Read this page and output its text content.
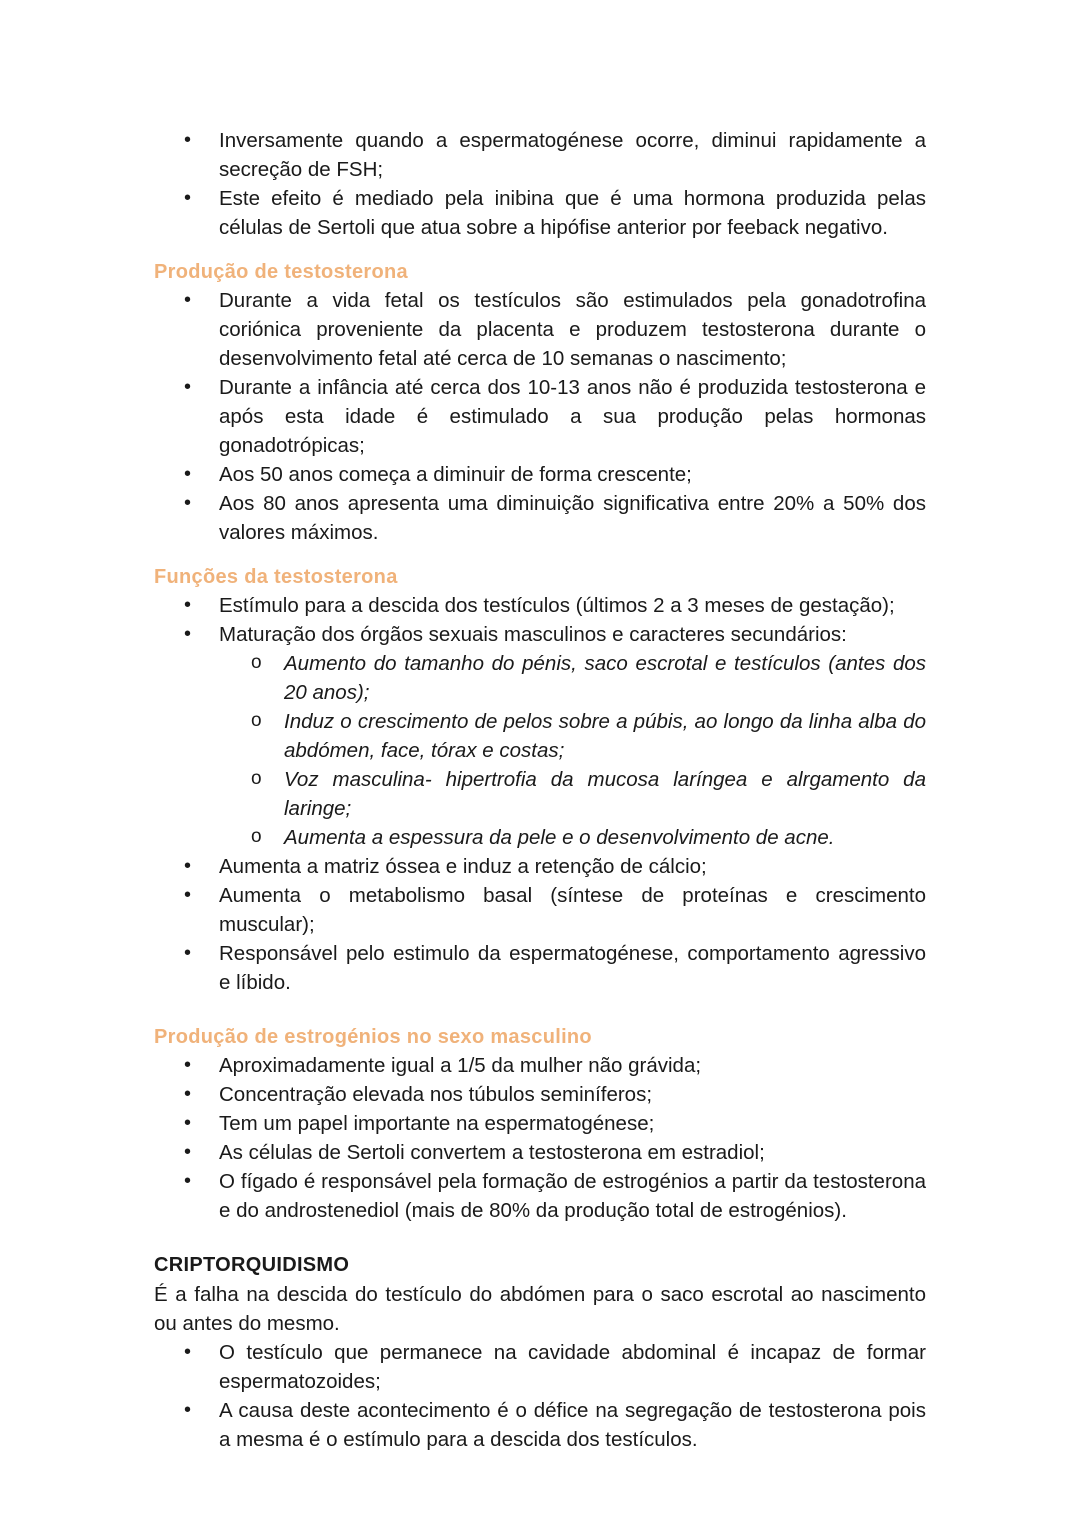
• Inversamente quando a espermatogénese ocorre, diminui rapidamente a secreção de FSH;
• Este efeito é mediado pela inibina que é uma hormona produzida pelas células de Sertoli que atua sobre a hipófise anterior por feeback negativo.
Produção de testosterona
• Durante a vida fetal os testículos são estimulados pela gonadotrofina coriónica proveniente da placenta e produzem testosterona durante o desenvolvimento fetal até cerca de 10 semanas o nascimento;
• Durante a infância até cerca dos 10-13 anos não é produzida testosterona e após esta idade é estimulado a sua produção pelas hormonas gonadotrópicas;
• Aos 50 anos começa a diminuir de forma crescente;
• Aos 80 anos apresenta uma diminuição significativa entre 20% a 50% dos valores máximos.
Funções da testosterona
• Estímulo para a descida dos testículos (últimos 2 a 3 meses de gestação);
• Maturação dos órgãos sexuais masculinos e caracteres secundários:
o Aumento do tamanho do pénis, saco escrotal e testículos (antes dos 20 anos);
o Induz o crescimento de pelos sobre a púbis, ao longo da linha alba do abdómen, face, tórax e costas;
o Voz masculina- hipertrofia da mucosa laríngea e alrgamento da laringe;
o Aumenta a espessura da pele e o desenvolvimento de acne.
• Aumenta a matriz óssea e induz a retenção de cálcio;
• Aumenta o metabolismo basal (síntese de proteínas e crescimento muscular);
• Responsável pelo estimulo da espermatogénese, comportamento agressivo e líbido.
Produção de estrogénios no sexo masculino
• Aproximadamente igual a 1/5 da mulher não grávida;
• Concentração elevada nos túbulos seminíferos;
• Tem um papel importante na espermatogénese;
• As células de Sertoli convertem a testosterona em estradiol;
• O fígado é responsável pela formação de estrogénios a partir da testosterona e do androstenediol (mais de 80% da produção total de estrogénios).
CRIPTORQUIDISMO
É a falha na descida do testículo do abdómen para o saco escrotal ao nascimento ou antes do mesmo.
• O testículo que permanece na cavidade abdominal é incapaz de formar espermatozoides;
• A causa deste acontecimento é o défice na segregação de testosterona pois a mesma é o estímulo para a descida dos testículos.
